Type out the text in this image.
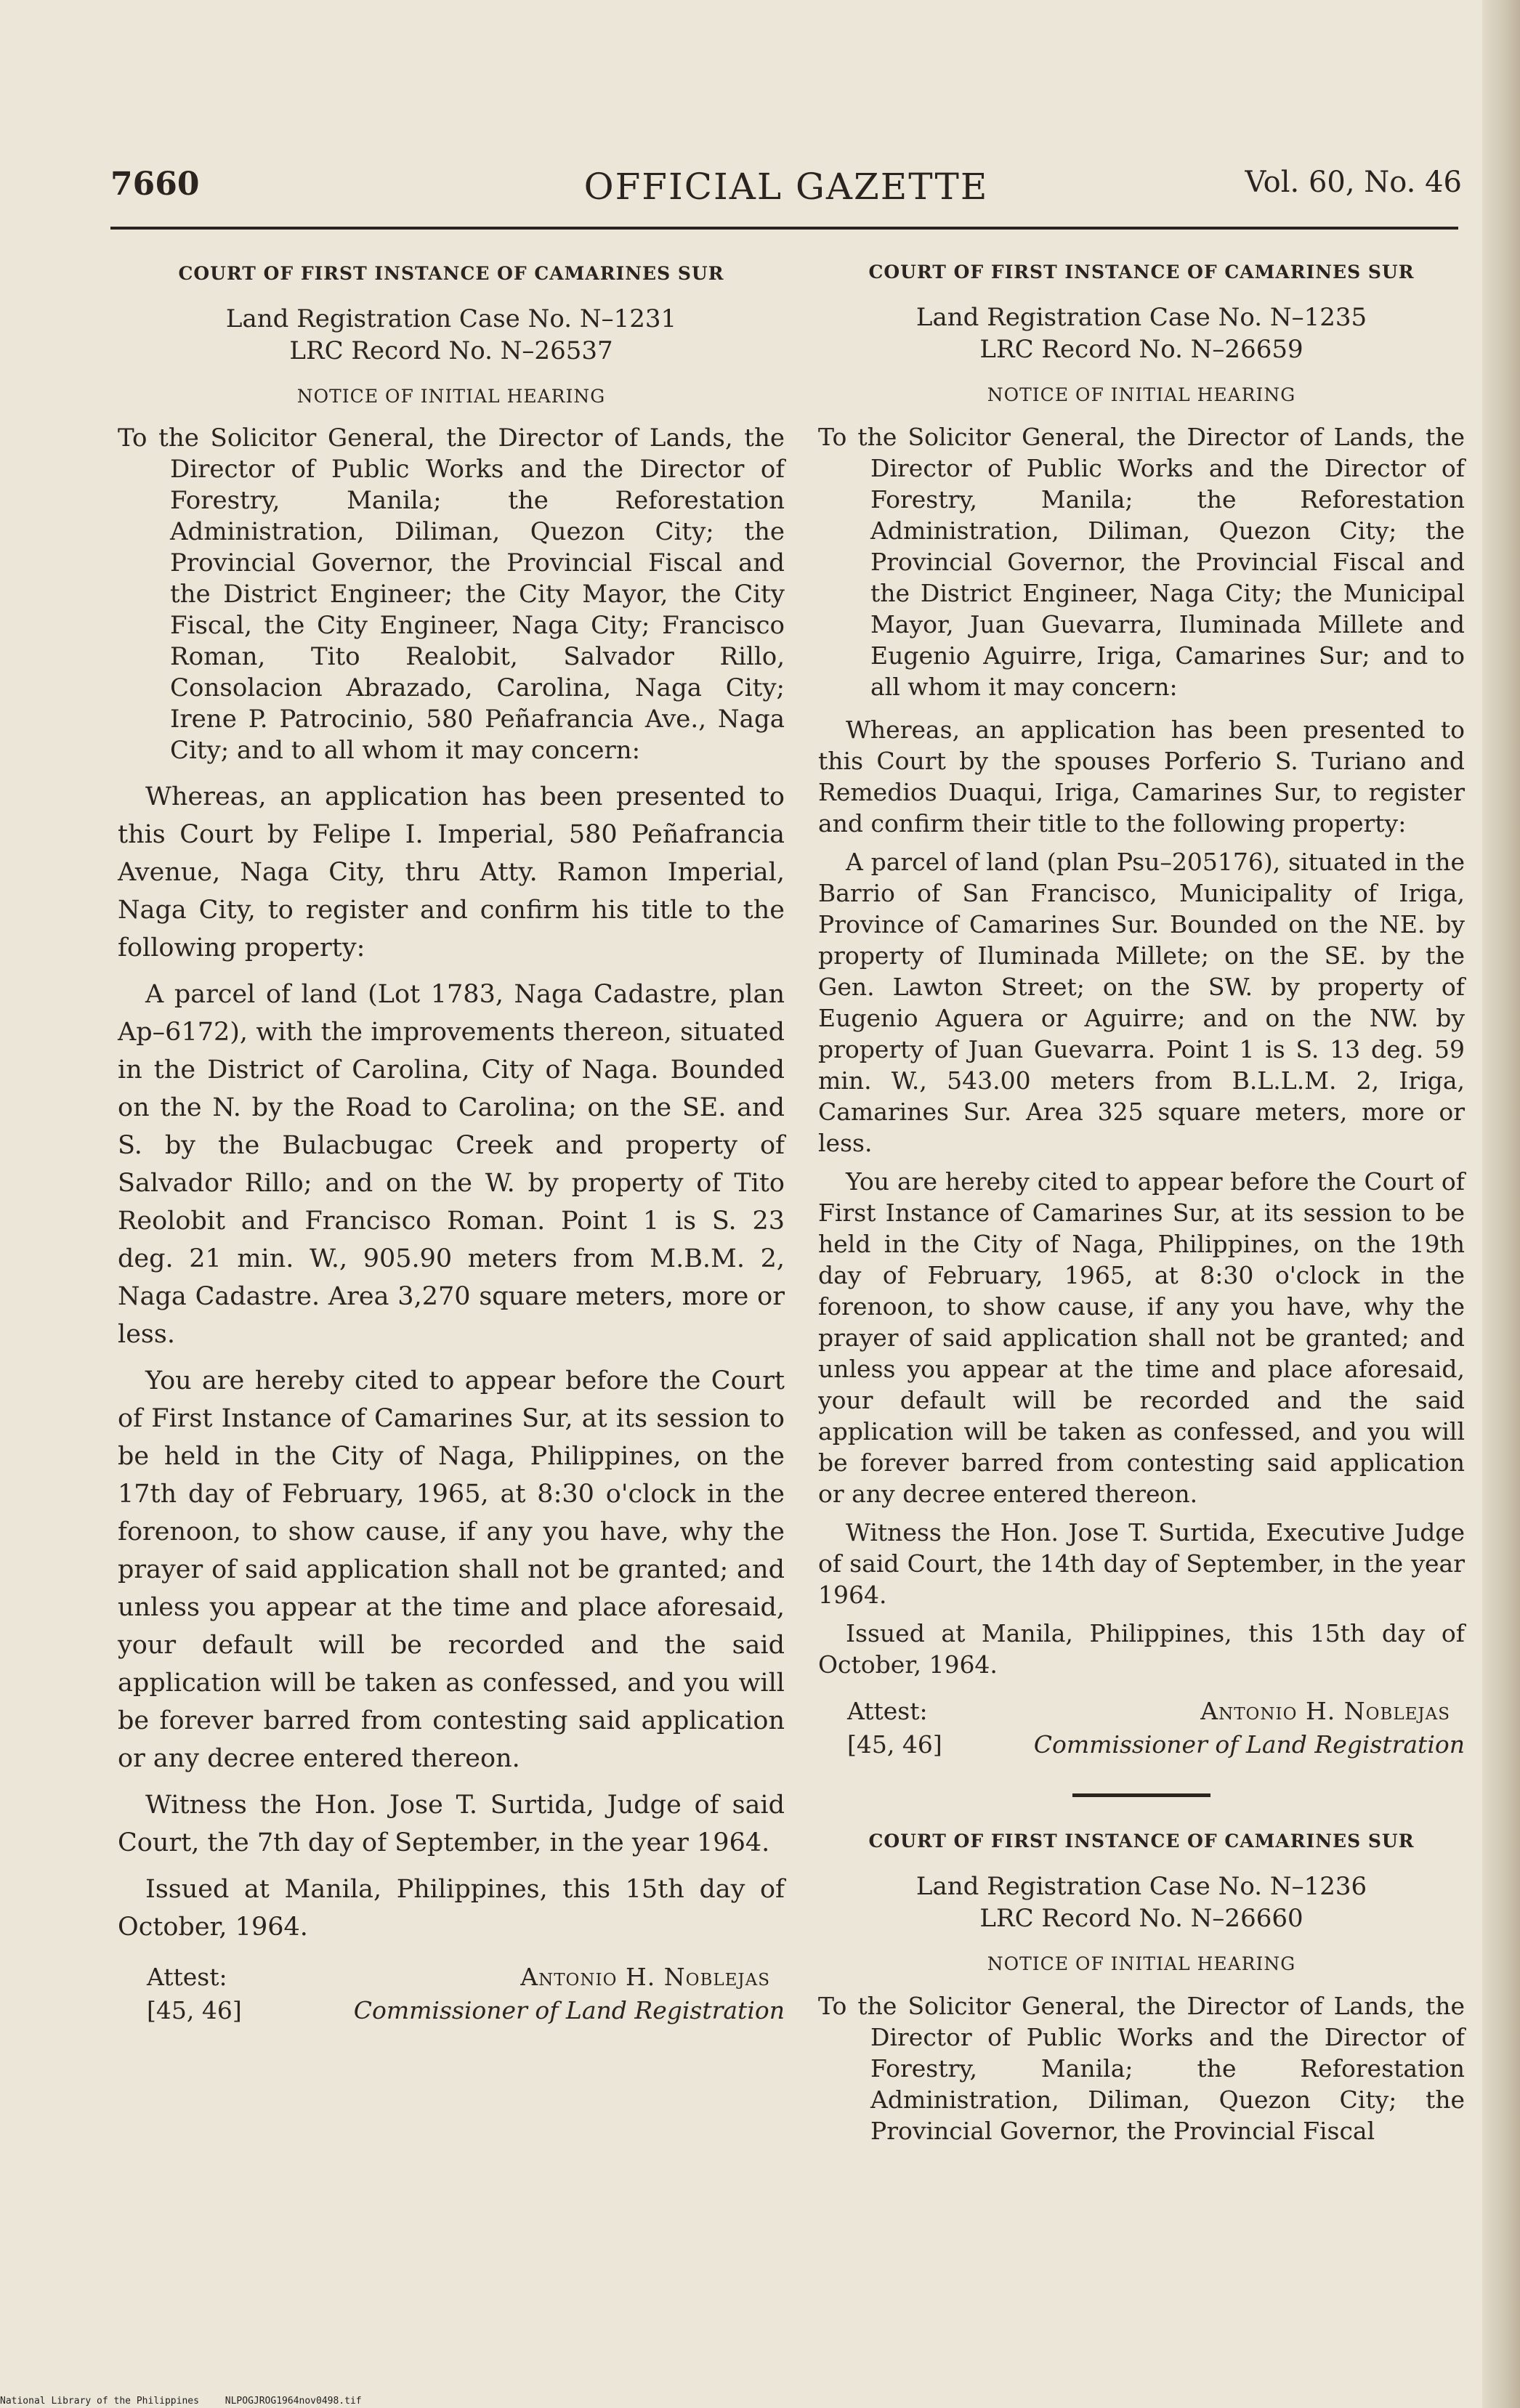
7660	OFFICIAL GAZETTE	Vol. 60, No. 46
COURT OF FIRST INSTANCE OF CAMARINES SUR
Land Registration Case No. N–1231
LRC Record No. N–26537
NOTICE OF INITIAL HEARING

To the Solicitor General, the Director of Lands, the Director of Public Works and the Director of Forestry, Manila; the Reforestation Administration, Diliman, Quezon City; the Provincial Governor, the Provincial Fiscal and the District Engineer; the City Mayor, the City Fiscal, the City Engineer, Naga City; Francisco Roman, Tito Realobit, Salvador Rillo, Consolacion Abrazado, Carolina, Naga City; Irene P. Patrocinio, 580 Peñafrancia Ave., Naga City; and to all whom it may concern:

Whereas, an application has been presented to this Court by Felipe I. Imperial, 580 Peñafrancia Avenue, Naga City, thru Atty. Ramon Imperial, Naga City, to register and confirm his title to the following property:

A parcel of land (Lot 1783, Naga Cadastre, plan Ap–6172), with the improvements thereon, situated in the District of Carolina, City of Naga. Bounded on the N. by the Road to Carolina; on the SE. and S. by the Bulacbugac Creek and property of Salvador Rillo; and on the W. by property of Tito Reolobit and Francisco Roman. Point 1 is S. 23 deg. 21 min. W., 905.90 meters from M.B.M. 2, Naga Cadastre. Area 3,270 square meters, more or less.

You are hereby cited to appear before the Court of First Instance of Camarines Sur, at its session to be held in the City of Naga, Philippines, on the 17th day of February, 1965, at 8:30 o'clock in the forenoon, to show cause, if any you have, why the prayer of said application shall not be granted; and unless you appear at the time and place aforesaid, your default will be recorded and the said application will be taken as confessed, and you will be forever barred from contesting said application or any decree entered thereon.

Witness the Hon. Jose T. Surtida, Judge of said Court, the 7th day of September, in the year 1964.

Issued at Manila, Philippines, this 15th day of October, 1964.

Attest:
[45, 46]
Antonio H. Noblejas
Commissioner of Land Registration
COURT OF FIRST INSTANCE OF CAMARINES SUR
Land Registration Case No. N–1235
LRC Record No. N–26659
NOTICE OF INITIAL HEARING

To the Solicitor General, the Director of Lands, the Director of Public Works and the Director of Forestry, Manila; the Reforestation Administration, Diliman, Quezon City; the Provincial Governor, the Provincial Fiscal and the District Engineer, Naga City; the Municipal Mayor, Juan Guevarra, Iluminada Millete and Eugenio Aguirre, Iriga, Camarines Sur; and to all whom it may concern:

Whereas, an application has been presented to this Court by the spouses Porferio S. Turiano and Remedios Duaqui, Iriga, Camarines Sur, to register and confirm their title to the following property:

A parcel of land (plan Psu–205176), situated in the Barrio of San Francisco, Municipality of Iriga, Province of Camarines Sur. Bounded on the NE. by property of Iluminada Millete; on the SE. by the Gen. Lawton Street; on the SW. by property of Eugenio Aguera or Aguirre; and on the NW. by property of Juan Guevarra. Point 1 is S. 13 deg. 59 min. W., 543.00 meters from B.L.L.M. 2, Iriga, Camarines Sur. Area 325 square meters, more or less.

You are hereby cited to appear before the Court of First Instance of Camarines Sur, at its session to be held in the City of Naga, Philippines, on the 19th day of February, 1965, at 8:30 o'clock in the forenoon, to show cause, if any you have, why the prayer of said application shall not be granted; and unless you appear at the time and place aforesaid, your default will be recorded and the said application will be taken as confessed, and you will be forever barred from contesting said application or any decree entered thereon.

Witness the Hon. Jose T. Surtida, Executive Judge of said Court, the 14th day of September, in the year 1964.

Issued at Manila, Philippines, this 15th day of October, 1964.

Attest:
[45, 46]
Antonio H. Noblejas
Commissioner of Land Registration
COURT OF FIRST INSTANCE OF CAMARINES SUR
Land Registration Case No. N–1236
LRC Record No. N–26660
NOTICE OF INITIAL HEARING

To the Solicitor General, the Director of Lands, the Director of Public Works and the Director of Forestry, Manila; the Reforestation Administration, Diliman, Quezon City; the Provincial Governor, the Provincial Fiscal

National Library of the Philippines	NLPOGJROG1964nov0498.tif
